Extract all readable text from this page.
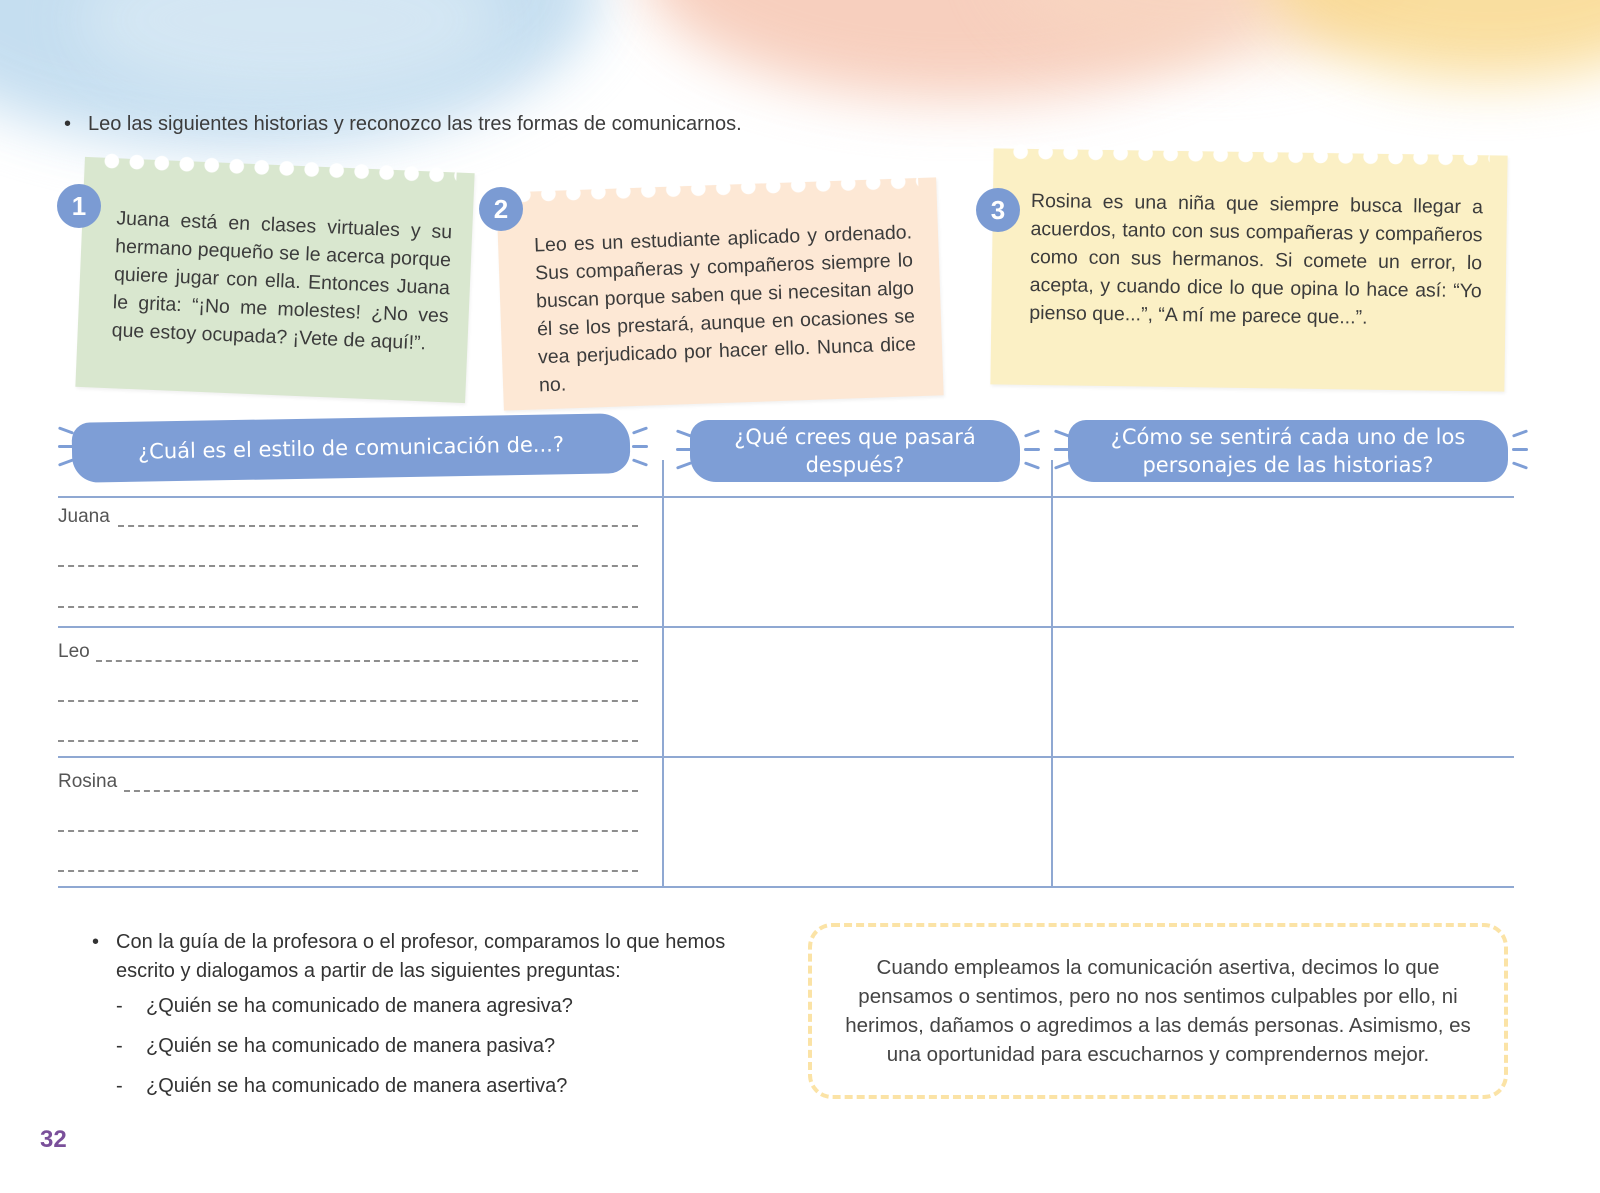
• Leo las siguientes historias y reconozco las tres formas de comunicarnos.
Juana está en clases virtuales y su hermano pequeño se le acerca porque quiere jugar con ella. Entonces Juana le grita: “¡No me molestes! ¿No ves que estoy ocupada? ¡Vete de aquí!”.
1
Leo es un estudiante aplicado y ordenado. Sus compañeras y compañeros siempre lo buscan porque saben que si necesitan algo él se los prestará, aunque en ocasiones se vea perjudicado por hacer ello. Nunca dice no.
2	Rosina es una niña que siempre busca llegar a acuerdos, tanto con sus compañeras y compañeros como con sus hermanos. Si comete un error, lo acepta, y cuando dice lo que opina lo hace así: “Yo pienso que...”, “A mí me parece que...”.
3
¿Cuál es el estilo de comunicación de...?	¿Qué crees que pasará después?
¿Cómo se sentirá cada uno de los personajes de las historias?
Juana
Leo
Rosina
• Con la guía de la profesora o el profesor, comparamos lo que hemos escrito y dialogamos a partir de las siguientes preguntas:
- ¿Quién se ha comunicado de manera agresiva?
- ¿Quién se ha comunicado de manera pasiva?
- ¿Quién se ha comunicado de manera asertiva?
Cuando empleamos la comunicación asertiva, decimos lo que pensamos o sentimos, pero no nos sentimos culpables por ello, ni herimos, dañamos o agredimos a las demás personas. Asimismo, es una oportunidad para escucharnos y comprendernos mejor.
32
